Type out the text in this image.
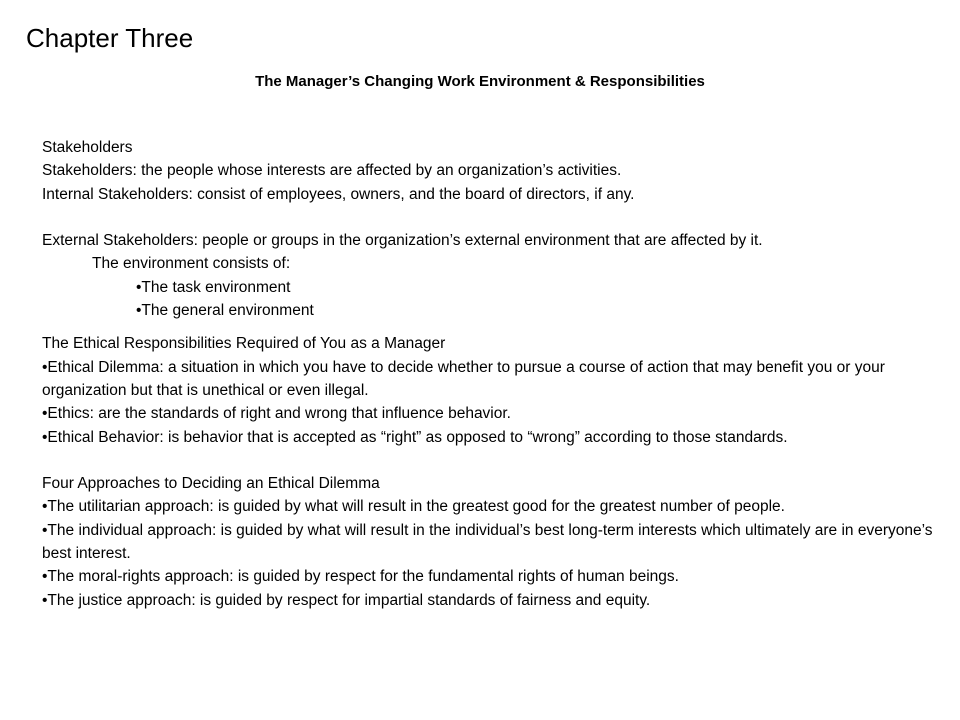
Chapter Three
The Manager’s Changing Work Environment & Responsibilities

Stakeholders

Stakeholders: the people whose interests are affected by an organization’s activities.

Internal Stakeholders: consist of employees, owners, and the board of directors, if any.

External Stakeholders: people or groups in the organization’s external environment that are affected by it.

The environment consists of:

•The task environment

•The general environment

The Ethical Responsibilities Required of You as a Manager

•Ethical Dilemma: a situation in which you have to decide whether to pursue a course of action that may benefit you or your organization but that is unethical or even illegal.

•Ethics: are the standards of right and wrong that influence behavior.

•Ethical Behavior: is behavior that is accepted as “right” as opposed to “wrong” according to those standards.

Four Approaches to Deciding an Ethical Dilemma

•The utilitarian approach: is guided by what will result in the greatest good for the greatest number of people.

•The individual approach: is guided by what will result in the individual’s best long-term interests which ultimately are in everyone’s best interest.

•The moral-rights approach: is guided by respect for the fundamental rights of human beings.

•The justice approach: is guided by respect for impartial standards of fairness and equity.
